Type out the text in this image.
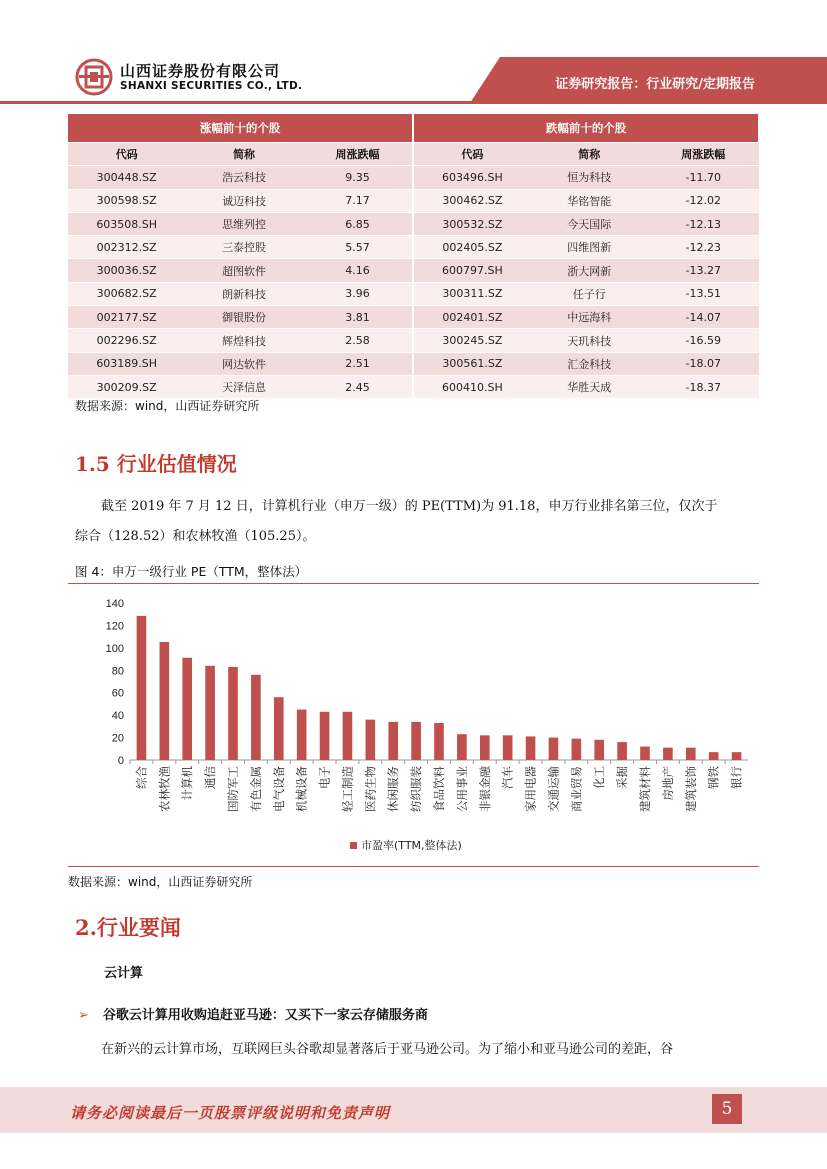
山西证券股份有限公司
SHANXI SECURITIES CO., LTD.	证券研究报告：行业研究/定期报告
涨幅前十的个股			跌幅前十的个股		
代码	简称	周涨跌幅	代码	简称	周涨跌幅
300448.SZ	浩云科技	9.35	603496.SH	恒为科技	-11.70
300598.SZ	诚迈科技	7.17	300462.SZ	华铭智能	-12.02
603508.SH	思维列控	6.85	300532.SZ	今天国际	-12.13
002312.SZ	三泰控股	5.57	002405.SZ	四维图新	-12.23
300036.SZ	超图软件	4.16	600797.SH	浙大网新	-13.27
300682.SZ	朗新科技	3.96	300311.SZ	任子行	-13.51
002177.SZ	御银股份	3.81	002401.SZ	中远海科	-14.07
002296.SZ	辉煌科技	2.58	300245.SZ	天玑科技	-16.59
603189.SH	网达软件	2.51	300561.SZ	汇金科技	-18.07
300209.SZ	天泽信息	2.45	600410.SH	华胜天成	-18.37
数据来源：wind，山西证券研究所
1.5 行业估值情况
截至 2019 年 7 月 12 日，计算机行业（申万一级）的 PE(TTM)为 91.18，申万行业排名第三位，仅次于
综合（128.52）和农林牧渔（105.25）。
图 4：申万一级行业 PE（TTM，整体法）
0
20
40
60
80
100
120
140
综合 农林牧渔 计算机 通信 国防军工 有色金属 电气设备 机械设备 电子 轻工制造 医药生物 休闲服务 纺织服装 食品饮料 公用事业 非银金融 汽车 家用电器 交通运输 商业贸易 化工 采掘 建筑材料 房地产 建筑装饰 钢铁 银行
市盈率(TTM,整体法)
数据来源：wind，山西证券研究所
2.行业要闻
云计算
➢ 谷歌云计算用收购追赶亚马逊：又买下一家云存储服务商
在新兴的云计算市场，互联网巨头谷歌却显著落后于亚马逊公司。为了缩小和亚马逊公司的差距，谷
请务必阅读最后一页股票评级说明和免责声明	5
